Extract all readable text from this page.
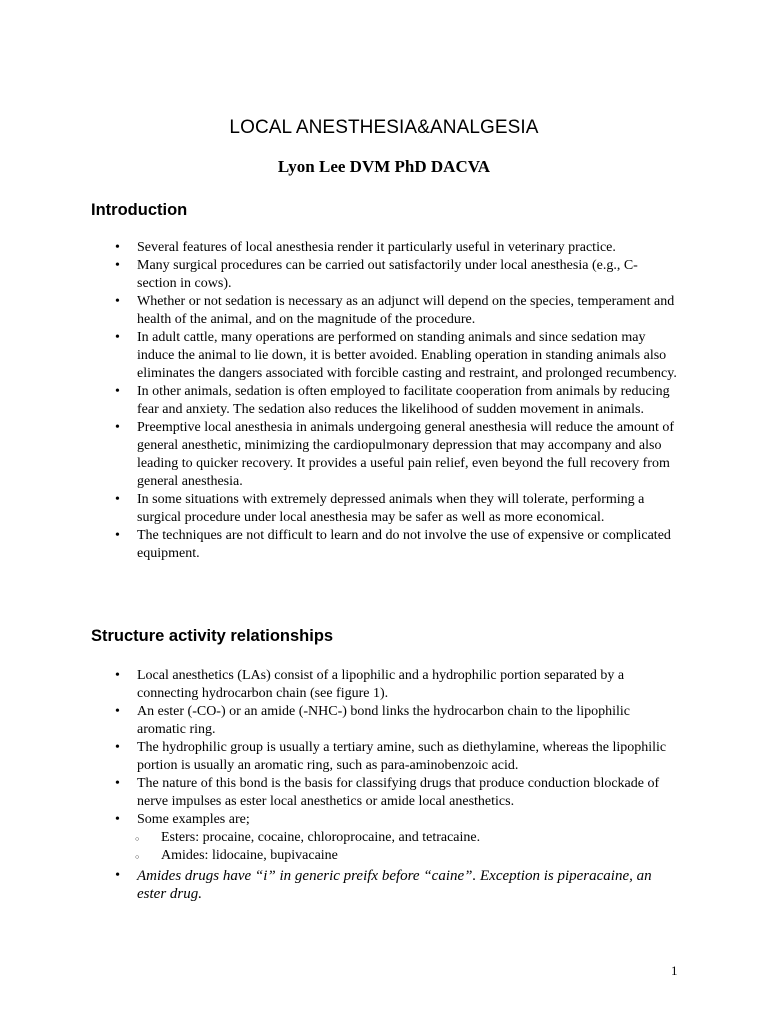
LOCAL ANESTHESIA&ANALGESIA

Lyon Lee DVM PhD DACVA

Introduction
• Several features of local anesthesia render it particularly useful in veterinary practice.
• Many surgical procedures can be carried out satisfactorily under local anesthesia (e.g., C-section in cows).
• Whether or not sedation is necessary as an adjunct will depend on the species, temperament and health of the animal, and on the magnitude of the procedure.
• In adult cattle, many operations are performed on standing animals and since sedation may induce the animal to lie down, it is better avoided. Enabling operation in standing animals also eliminates the dangers associated with forcible casting and restraint, and prolonged recumbency.
• In other animals, sedation is often employed to facilitate cooperation from animals by reducing fear and anxiety. The sedation also reduces the likelihood of sudden movement in animals.
• Preemptive local anesthesia in animals undergoing general anesthesia will reduce the amount of general anesthetic, minimizing the cardiopulmonary depression that may accompany and also leading to quicker recovery. It provides a useful pain relief, even beyond the full recovery from general anesthesia.
• In some situations with extremely depressed animals when they will tolerate, performing a surgical procedure under local anesthesia may be safer as well as more economical.
• The techniques are not difficult to learn and do not involve the use of expensive or complicated equipment.
Structure activity relationships
• Local anesthetics (LAs) consist of a lipophilic and a hydrophilic portion separated by a connecting hydrocarbon chain (see figure 1).
• An ester (-CO-) or an amide (-NHC-) bond links the hydrocarbon chain to the lipophilic aromatic ring.
• The hydrophilic group is usually a tertiary amine, such as diethylamine, whereas the lipophilic portion is usually an aromatic ring, such as para-aminobenzoic acid.
• The nature of this bond is the basis for classifying drugs that produce conduction blockade of nerve impulses as ester local anesthetics or amide local anesthetics.
• Some examples are;
○ Esters: procaine, cocaine, chloroprocaine, and tetracaine.
○ Amides: lidocaine, bupivacaine
• Amides drugs have “i” in generic preifx before “caine”. Exception is piperacaine, an ester drug.
1
